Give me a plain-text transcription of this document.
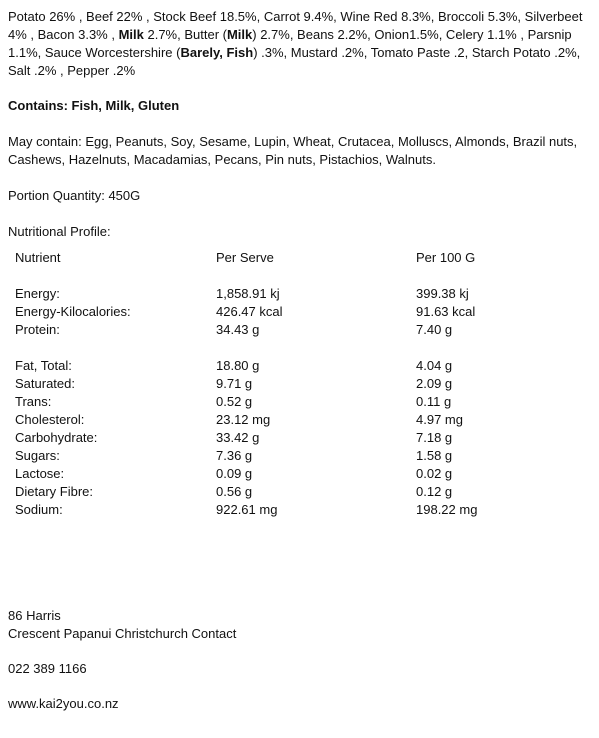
Potato 26% , Beef 22% , Stock Beef 18.5%, Carrot 9.4%, Wine Red 8.3%, Broccoli 5.3%, Silverbeet 4% , Bacon 3.3% , Milk 2.7%, Butter (Milk) 2.7%, Beans 2.2%, Onion1.5%, Celery 1.1% , Parsnip 1.1%, Sauce Worcestershire (Barely, Fish) .3%, Mustard .2%, Tomato Paste .2, Starch Potato .2%, Salt .2% , Pepper .2%

Contains: Fish, Milk, Gluten

May contain: Egg, Peanuts, Soy, Sesame, Lupin, Wheat, Crutacea, Molluscs, Almonds, Brazil nuts, Cashews, Hazelnuts, Macadamias, Pecans, Pin nuts, Pistachios, Walnuts.

Portion Quantity: 450G

Nutritional Profile:

Nutrient	Per Serve	Per 100 G

Energy:	1,858.91 kj	399.38 kj
Energy-Kilocalories:	426.47 kcal	91.63 kcal
Protein:	34.43 g	7.40 g

Fat, Total:	18.80 g	4.04 g
Saturated:	9.71 g	2.09 g
Trans:	0.52 g	0.11 g
Cholesterol:	23.12 mg	4.97 mg
Carbohydrate:	33.42 g	7.18 g
Sugars:	7.36 g	1.58 g
Lactose:	0.09 g	0.02 g
Dietary Fibre:	0.56 g	0.12 g
Sodium:	922.61 mg	198.22 mg

86 Harris

Crescent Papanui Christchurch Contact

022 389 1166

www.kai2you.co.nz
